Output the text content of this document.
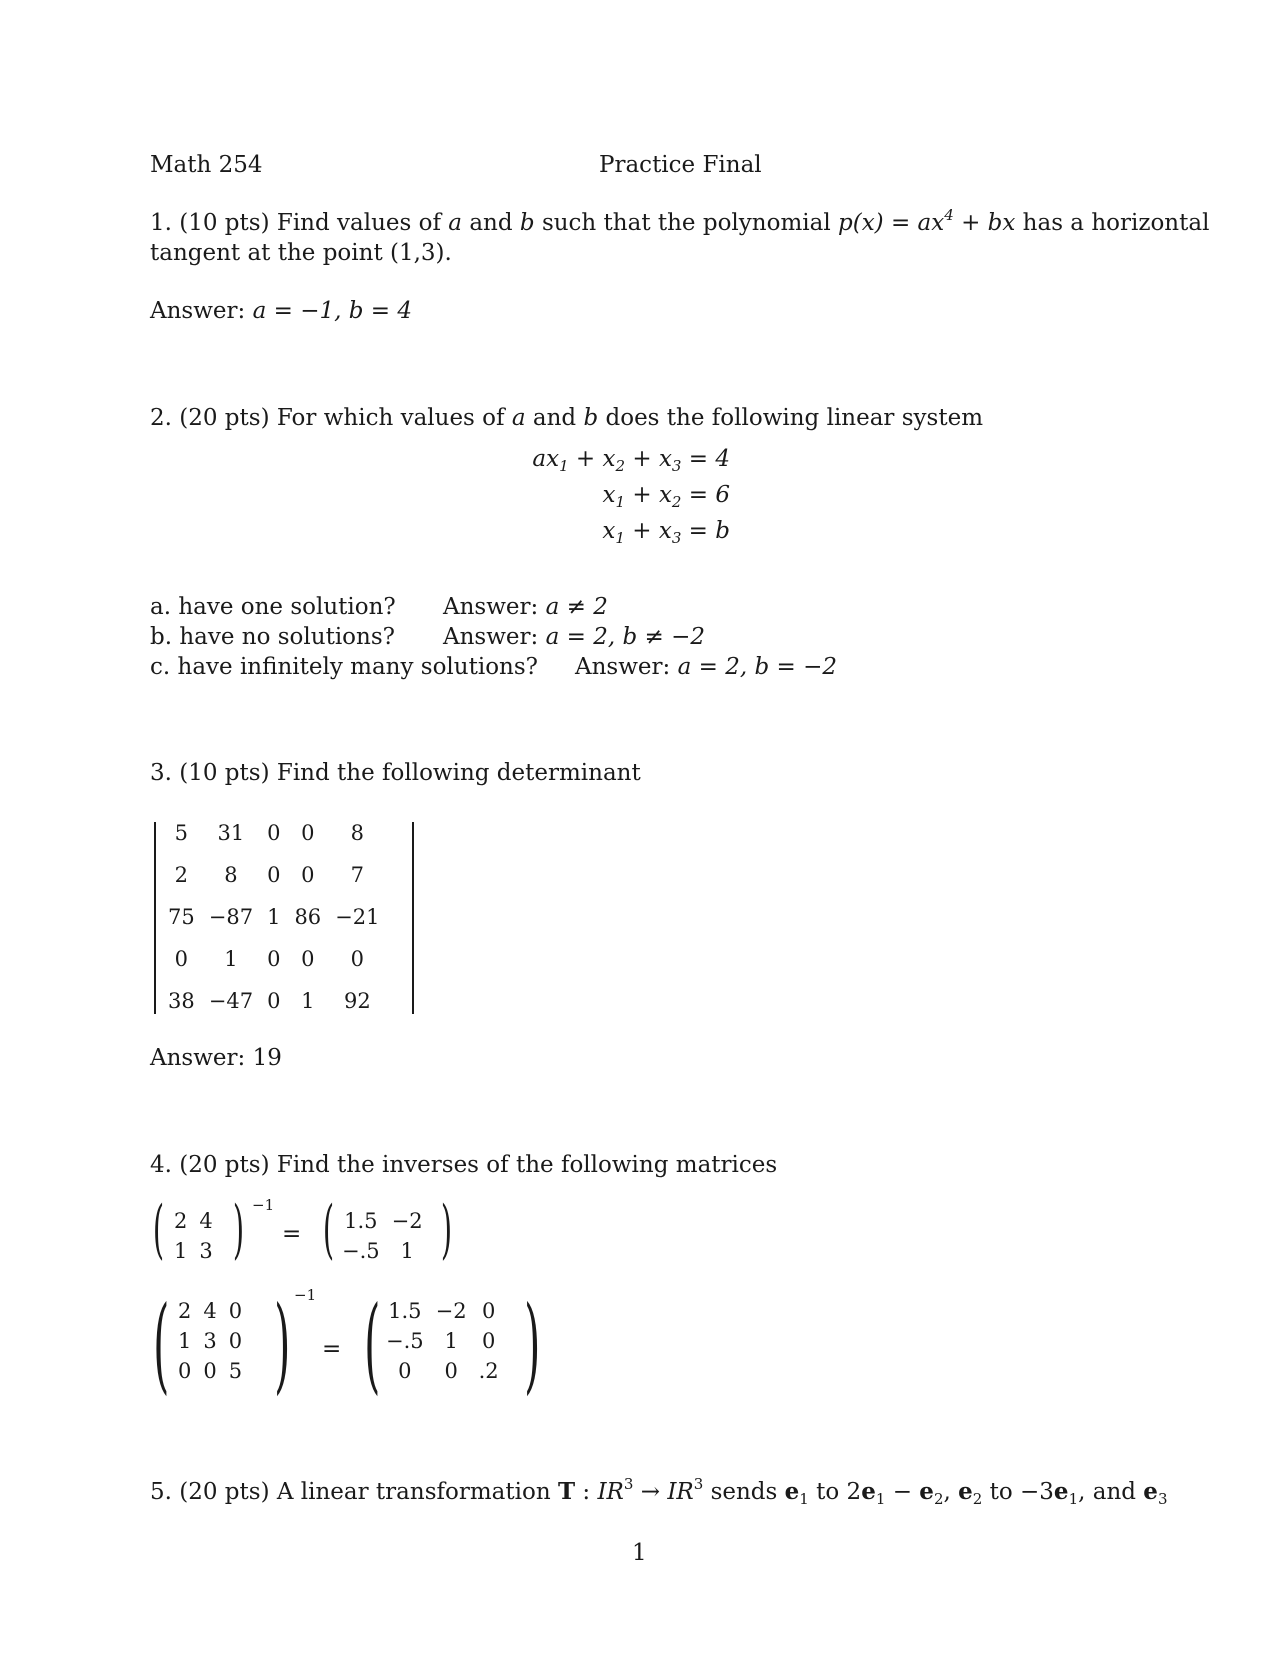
Math 254	Practice Final
1. (10 pts) Find values of a and b such that the polynomial $p(x) = ax^4$ + bx has a horizontal
tangent at the point (1,3).
Answer: a = −1, b = 4
2. (20 pts) For which values of a and b does the following linear system
$ax_1 + x_2 + x_3 = 4$
$x_1 + x_2 = 6$
$x_1 + x_3 = b$
a. have one solution? Answer: a ≠ 2
b. have no solutions? Answer: a = 2, b ≠ −2
c. have infinitely many solutions? Answer: a = 2, b = −2
3. (10 pts) Find the following determinant
5	31	0	0	8
2	8	0	0	7
75	−87	1	86	−21
0	1	0	0	0
38	−47	0	1	92
Answer: 19
4. (20 pts) Find the inverses of the following matrices
( 2	4
1	3 ) −1
= ( 1.5	−2
−.5	1 )
( 2	4	0
1	3	0
0	0	5 ) −1
= ( 1.5	−2	0
−.5	1	0
0	0	.2 )
5. (20 pts) A linear transformation T : $IR^3 \to IR^3$ sends $e_1$ to $2e_1 - e_2$, $e_2$ to $-3e_1$, and $e_3$
1
